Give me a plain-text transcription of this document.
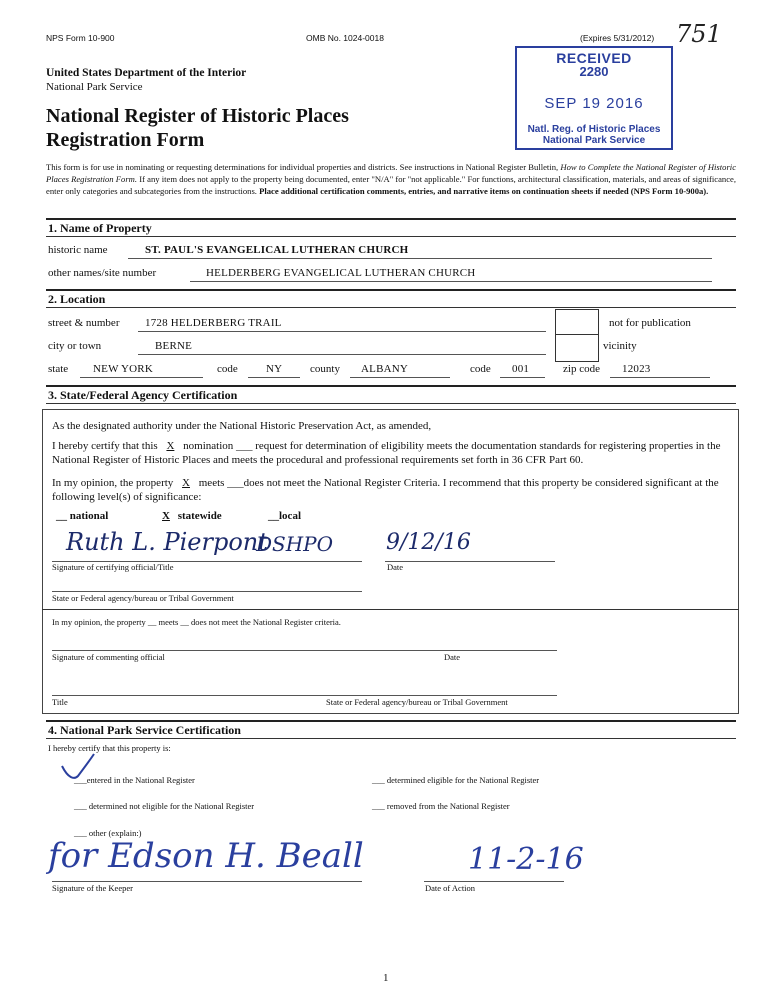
NPS Form 10-900	OMB No. 1024-0018	(Expires 5/31/2012) 751
RECEIVED
2280
SEP 19 2016
Natl. Reg. of Historic Places
National Park Service
United States Department of the Interior
National Park Service
National Register of Historic Places
Registration Form
This form is for use in nominating or requesting determinations for individual properties and districts. See instructions in National Register Bulletin, How to Complete the National Register of Historic Places Registration Form. If any item does not apply to the property being documented, enter "N/A" for "not applicable." For functions, architectural classification, materials, and areas of significance, enter only categories and subcategories from the instructions. Place additional certification comments, entries, and narrative items on continuation sheets if needed (NPS Form 10-900a).
1. Name of Property
historic name	ST. PAUL'S EVANGELICAL LUTHERAN CHURCH
other names/site number	HELDERBERG EVANGELICAL LUTHERAN CHURCH
2. Location
street & number 1728 HELDERBERG TRAIL	not for publication
city or town	BERNE	vicinity
state NEW YORK	code	NY	county ALBANY	code 001	zip code 12023
3. State/Federal Agency Certification
As the designated authority under the National Historic Preservation Act, as amended,
I hereby certify that this X nomination ___ request for determination of eligibility meets the documentation standards for registering properties in the National Register of Historic Places and meets the procedural and professional requirements set forth in 36 CFR Part 60.
In my opinion, the property X meets ___does not meet the National Register Criteria. I recommend that this property be considered significant at the following level(s) of significance:
__ national	X statewide	__local
Ruth L. Pierpont
DSHPO 9/12/16
Signature of certifying official/Title	Date
State or Federal agency/bureau or Tribal Government
In my opinion, the property __ meets __ does not meet the National Register criteria.
Signature of commenting official	Date
Title	State or Federal agency/bureau or Tribal Government
4. National Park Service Certification
I hereby certify that this property is:
___entered in the National Register	___ determined eligible for the National Register
___ determined not eligible for the National Register	___ removed from the National Register
___ other (explain:)
for Edson H. Beall	11-2-16
Signature of the Keeper	Date of Action
1
